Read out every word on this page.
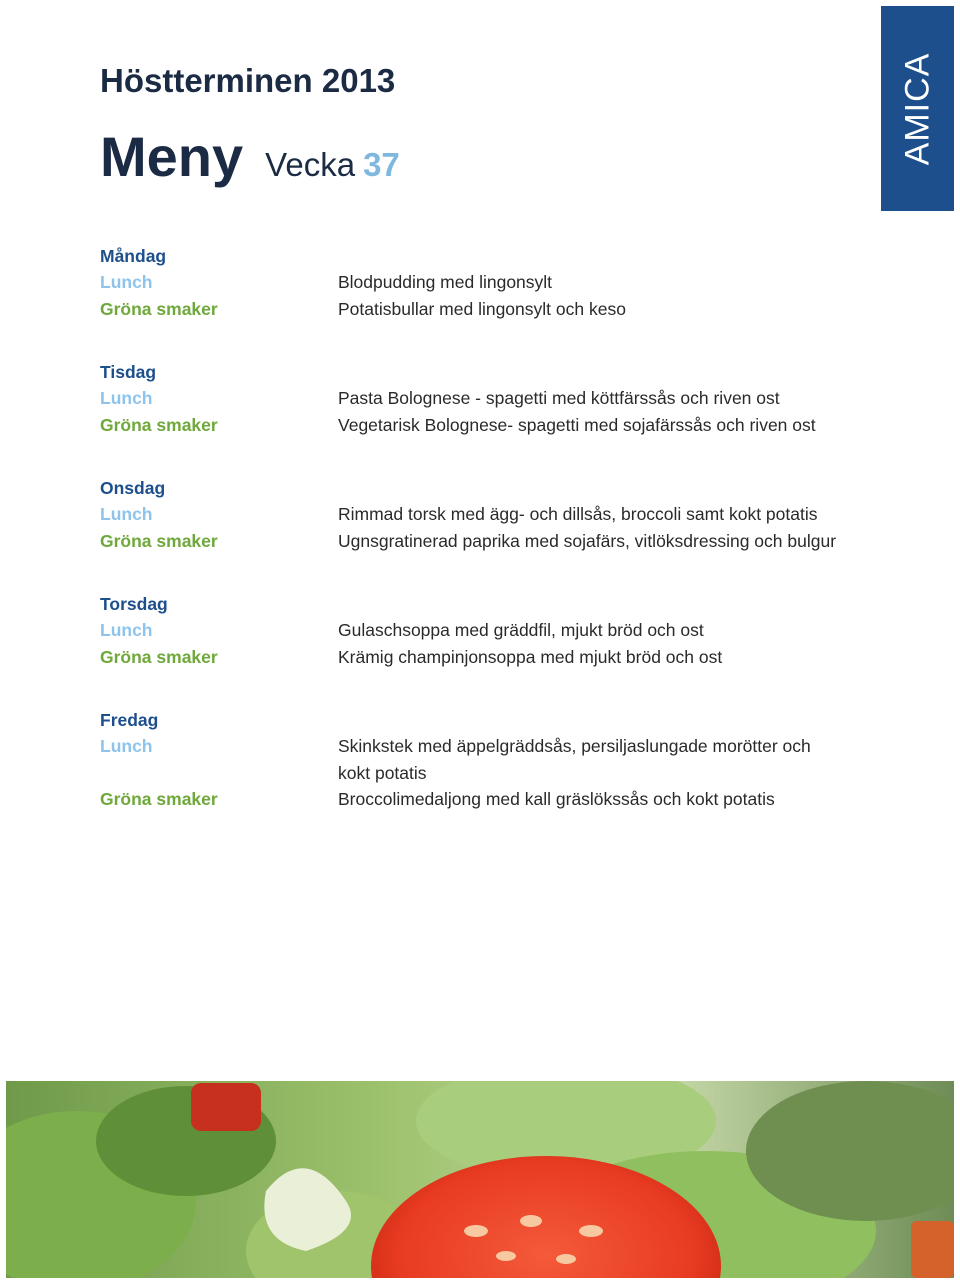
AMICA
Höstterminen 2013
Meny Vecka 37
Måndag
Lunch	Blodpudding med lingonsylt
Gröna smaker	Potatisbullar med lingonsylt och keso
Tisdag
Lunch	Pasta Bolognese - spagetti med köttfärssås och riven ost
Gröna smaker	Vegetarisk Bolognese- spagetti med sojafärssås och riven ost
Onsdag
Lunch	Rimmad torsk med ägg- och dillsås, broccoli samt kokt potatis
Gröna smaker	Ugnsgratinerad paprika med sojafärs, vitlöksdressing och bulgur
Torsdag
Lunch	Gulaschsoppa med gräddfil, mjukt bröd och ost
Gröna smaker	Krämig champinjonsoppa med mjukt bröd och ost
Fredag
Lunch	Skinkstek med äppelgräddsås, persiljaslungade morötter och kokt potatis
Gröna smaker	Broccolimedaljong med kall gräslökssås och kokt potatis
